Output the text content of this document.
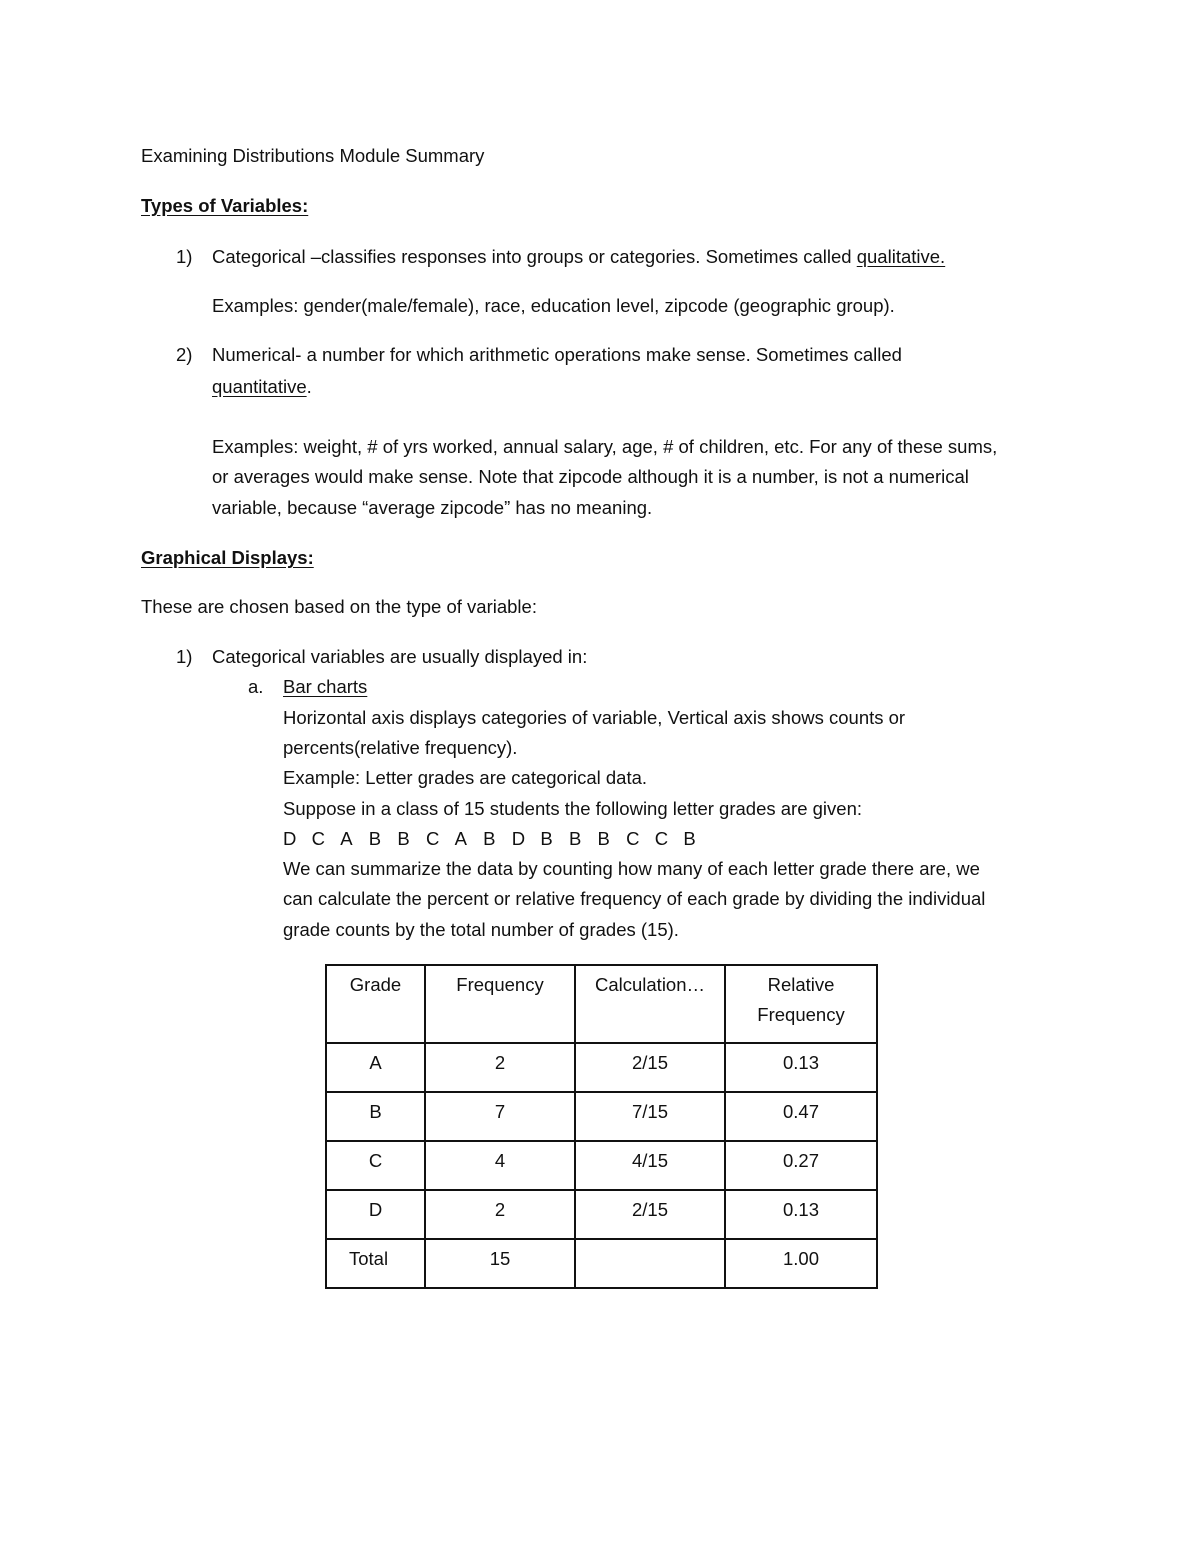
Examining Distributions Module Summary
Types of Variables:
1) Categorical –classifies responses into groups or categories. Sometimes called qualitative.
Examples: gender(male/female), race, education level, zipcode (geographic group).
2) Numerical- a number for which arithmetic operations make sense. Sometimes called
quantitative.
Examples: weight, # of yrs worked, annual salary, age, # of children, etc. For any of these sums,
or averages would make sense. Note that zipcode although it is a number, is not a numerical
variable, because “average zipcode” has no meaning.
Graphical Displays:
These are chosen based on the type of variable:
1) Categorical variables are usually displayed in:
a. Bar charts
Horizontal axis displays categories of variable, Vertical axis shows counts or
percents(relative frequency).
Example: Letter grades are categorical data.
Suppose in a class of 15 students the following letter grades are given:
D C A B B C A B D B B B C C B
We can summarize the data by counting how many of each letter grade there are, we
can calculate the percent or relative frequency of each grade by dividing the individual
grade counts by the total number of grades (15).
Grade	Frequency	Calculation…	Relative
Frequency

A	2	2/15	0.13
B	7	7/15	0.47
C	4	4/15	0.27
D	2	2/15	0.13
Total	15		1.00
